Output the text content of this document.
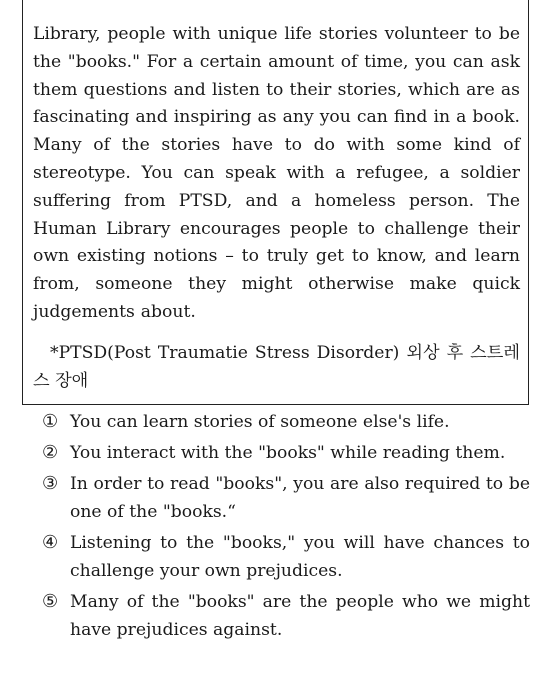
Library, people with unique life stories volunteer to be the "books." For a certain amount of time, you can ask them questions and listen to their stories, which are as fascinating and inspiring as any you can find in a book. Many of the stories have to do with some kind of stereotype. You can speak with a refugee, a soldier suffering from PTSD, and a homeless person. The Human Library encourages people to challenge their own existing notions – to truly get to know, and learn from, someone they might otherwise make quick judgements about.

*PTSD(Post Traumatie Stress Disorder) 외상 후 스트레스 장애

① You can learn stories of someone else's life.
② You interact with the "books" while reading them.
③ In order to read "books", you are also required to be one of the "books.“
④ Listening to the "books," you will have chances to challenge your own prejudices.
⑤ Many of the "books" are the people who we might have prejudices against.
